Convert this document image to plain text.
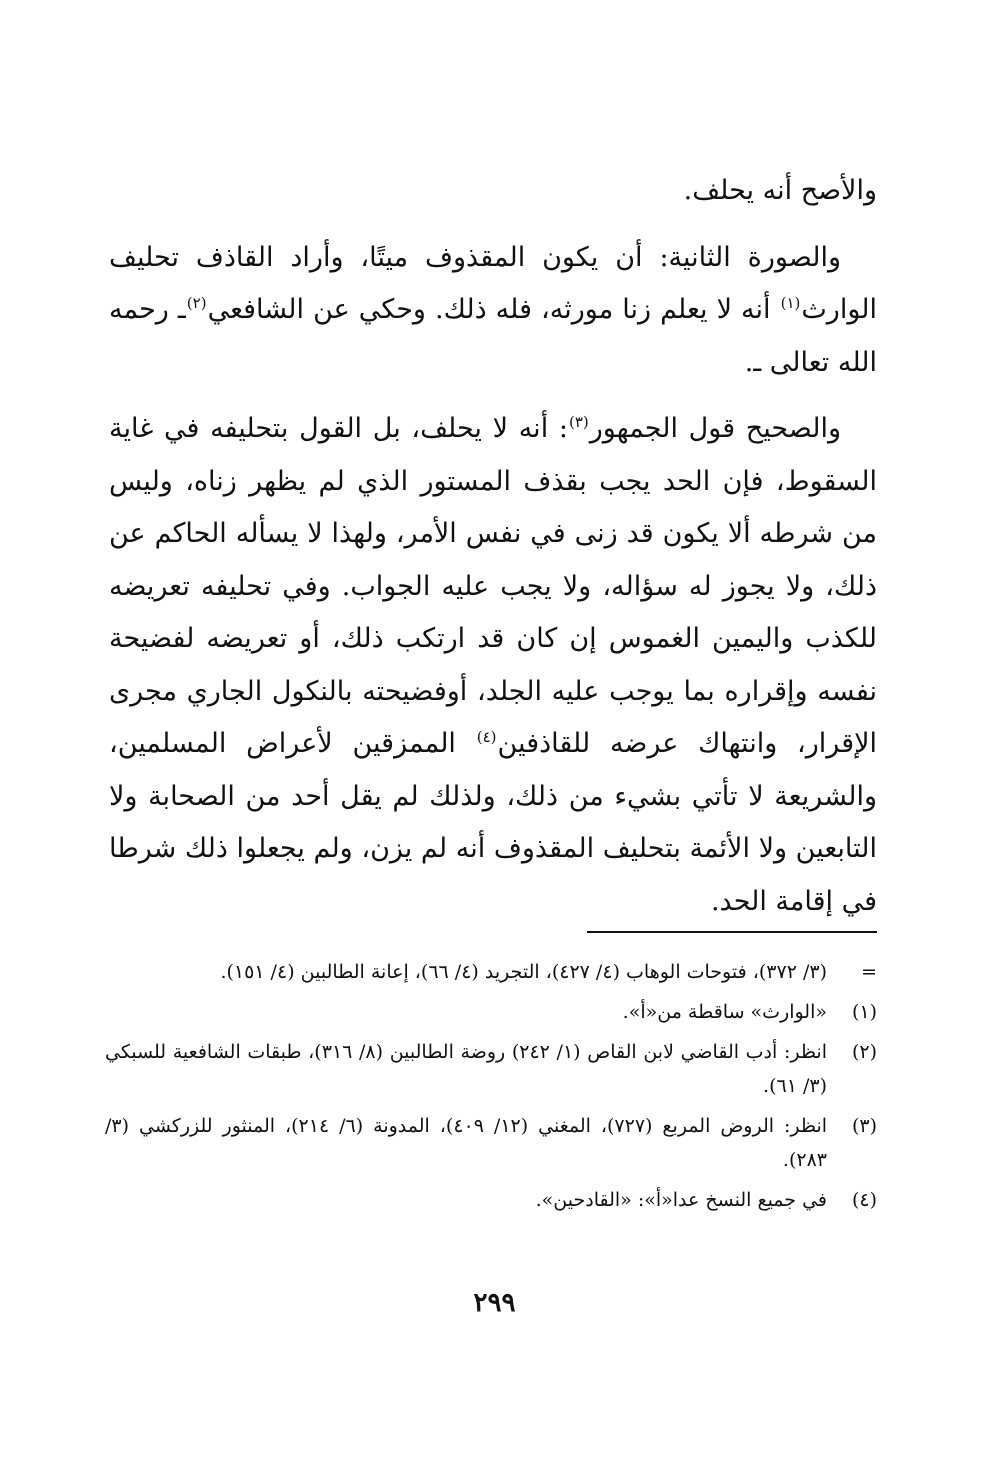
والأصح أنه يحلف.

والصورة الثانية: أن يكون المقذوف ميتًا، وأراد القاذف تحليف الوارث$^{(١)}$ أنه لا يعلم زنا مورثه، فله ذلك. وحكي عن الشافعي$^{(٢)}$ـ رحمه الله تعالى ـ.

والصحيح قول الجمهور$^{(٣)}$: أنه لا يحلف، بل القول بتحليفه في غاية السقوط، فإن الحد يجب بقذف المستور الذي لم يظهر زناه، وليس من شرطه ألا يكون قد زنى في نفس الأمر، ولهذا لا يسأله الحاكم عن ذلك، ولا يجوز له سؤاله، ولا يجب عليه الجواب. وفي تحليفه تعريضه للكذب واليمين الغموس إن كان قد ارتكب ذلك، أو تعريضه لفضيحة نفسه وإقراره بما يوجب عليه الجلد، أوفضيحته بالنكول الجاري مجرى الإقرار، وانتهاك عرضه للقاذفين$^{(٤)}$ الممزقين لأعراض المسلمين، والشريعة لا تأتي بشيء من ذلك، ولذلك لم يقل أحد من الصحابة ولا التابعين ولا الأئمة بتحليف المقذوف أنه لم يزن، ولم يجعلوا ذلك شرطا في إقامة الحد.

=
(٣/ ٣٧٢)، فتوحات الوهاب (٤/ ٤٢٧)، التجريد (٤/ ٦٦)، إعانة الطالبين (٤/ ١٥١).
(١)
«الوارث» ساقطة من«أ».
(٢)
انظر: أدب القاضي لابن القاص (١/ ٢٤٢) روضة الطالبين (٨/ ٣١٦)، طبقات الشافعية للسبكي (٣/ ٦١).
(٣)
انظر: الروض المربع (٧٢٧)، المغني (١٢/ ٤٠٩)، المدونة (٦/ ٢١٤)، المنثور للزركشي (٣/ ٢٨٣).
(٤)
في جميع النسخ عدا«أ»: «القادحين».
٢٩٩
